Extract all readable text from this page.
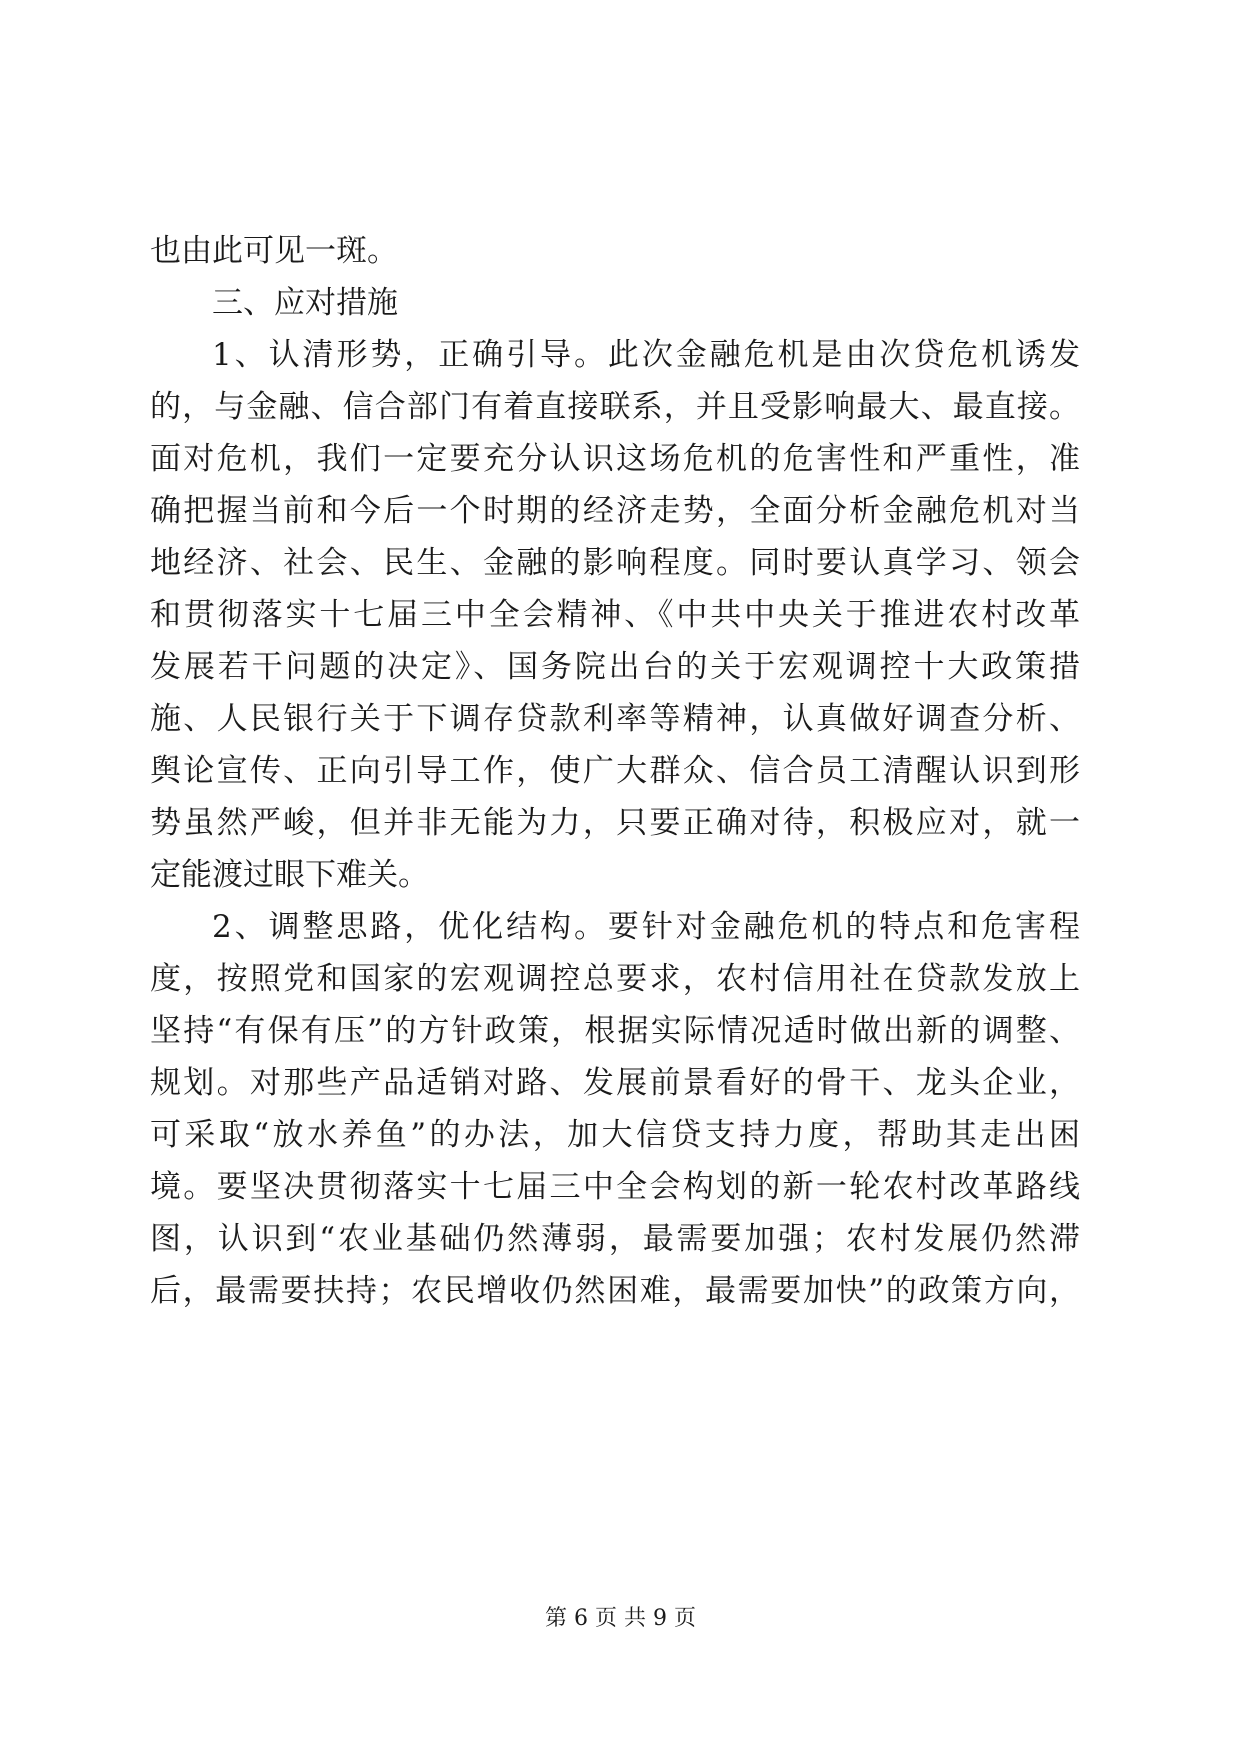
也由此可见一斑。
三、应对措施
1、认清形势，正确引导。此次金融危机是由次贷危机诱发
的，与金融、信合部门有着直接联系，并且受影响最大、最直接。
面对危机，我们一定要充分认识这场危机的危害性和严重性，准
确把握当前和今后一个时期的经济走势，全面分析金融危机对当
地经济、社会、民生、金融的影响程度。同时要认真学习、领会
和贯彻落实十七届三中全会精神、《中共中央关于推进农村改革
发展若干问题的决定》、国务院出台的关于宏观调控十大政策措
施、人民银行关于下调存贷款利率等精神，认真做好调查分析、
舆论宣传、正向引导工作，使广大群众、信合员工清醒认识到形
势虽然严峻，但并非无能为力，只要正确对待，积极应对，就一
定能渡过眼下难关。
2、调整思路，优化结构。要针对金融危机的特点和危害程
度，按照党和国家的宏观调控总要求，农村信用社在贷款发放上
坚持“有保有压”的方针政策，根据实际情况适时做出新的调整、
规划。对那些产品适销对路、发展前景看好的骨干、龙头企业，
可采取“放水养鱼”的办法，加大信贷支持力度，帮助其走出困
境。要坚决贯彻落实十七届三中全会构划的新一轮农村改革路线
图，认识到“农业基础仍然薄弱，最需要加强；农村发展仍然滞
后，最需要扶持；农民增收仍然困难，最需要加快”的政策方向，
第 6 页 共 9 页
